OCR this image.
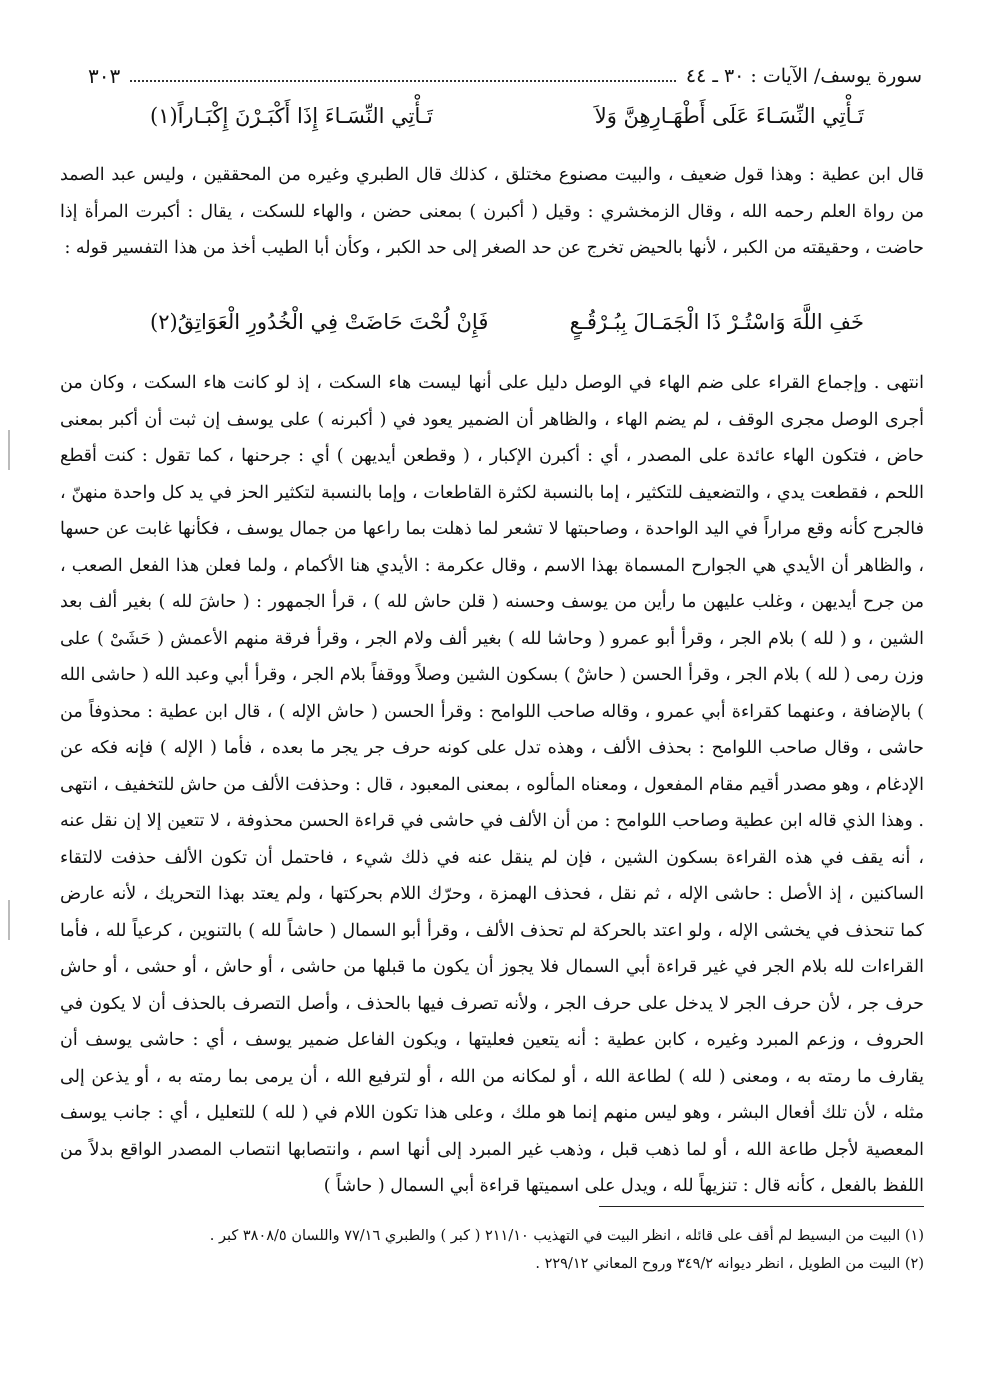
سورة يوسف/ الآيات : ٣٠ ـ ٤٤
٣٠٣
تَـأْتِي النِّسَـاءَ عَلَى أَطْهَـارِهِنَّ وَلاَ
تَـأْتِي النِّسَـاءَ إِذَا أَكْبَـرْنَ إِكْبَـاراً(١)

قال ابن عطية : وهذا قول ضعيف ، والبيت مصنوع مختلق ، كذلك قال الطبري وغيره من المحققين ، وليس عبد الصمد من رواة العلم رحمه الله ، وقال الزمخشري : وقيل ( أكبرن ) بمعنى حضن ، والهاء للسكت ، يقال : أكبرت المرأة إذا حاضت ، وحقيقته من الكبر ، لأنها بالحيض تخرج عن حد الصغر إلى حد الكبر ، وكأن أبا الطيب أخذ من هذا التفسير قوله :

خَفِ اللَّهَ وَاسْتُـرْ ذَا الْجَمَـالَ بِبُـرْقُـعٍ
فَإِنْ لُحْتَ حَاضَتْ فِي الْخُدُورِ الْعَوَاتِقُ(٢)

انتهى . وإجماع القراء على ضم الهاء في الوصل دليل على أنها ليست هاء السكت ، إذ لو كانت هاء السكت ، وكان من أجرى الوصل مجرى الوقف ، لم يضم الهاء ، والظاهر أن الضمير يعود في ( أكبرنه ) على يوسف إن ثبت أن أكبر بمعنى حاض ، فتكون الهاء عائدة على المصدر ، أي : أكبرن الإكبار ، ( وقطعن أيديهن ) أي : جرحنها ، كما تقول : كنت أقطع اللحم ، فقطعت يدي ، والتضعيف للتكثير ، إما بالنسبة لكثرة القاطعات ، وإما بالنسبة لتكثير الحز في يد كل واحدة منهنّ ، فالجرح كأنه وقع مراراً في اليد الواحدة ، وصاحبتها لا تشعر لما ذهلت بما راعها من جمال يوسف ، فكأنها غابت عن حسها ، والظاهر أن الأيدي هي الجوارح المسماة بهذا الاسم ، وقال عكرمة : الأيدي هنا الأكمام ، ولما فعلن هذا الفعل الصعب ، من جرح أيديهن ، وغلب عليهن ما رأين من يوسف وحسنه ( قلن حاش لله ) ، قرأ الجمهور : ( حاشَ لله ) بغير ألف بعد الشين ، و ( لله ) بلام الجر ، وقرأ أبو عمرو ( وحاشا لله ) بغير ألف ولام الجر ، وقرأ فرقة منهم الأعمش ( حَشَىْ ) على وزن رمى ( لله ) بلام الجر ، وقرأ الحسن ( حاشْ ) بسكون الشين وصلاً ووقفاً بلام الجر ، وقرأ أبي وعبد الله ( حاشى الله ) بالإضافة ، وعنهما كقراءة أبي عمرو ، وقاله صاحب اللوامح : وقرأ الحسن ( حاش الإله ) ، قال ابن عطية : محذوفاً من حاشى ، وقال صاحب اللوامح : بحذف الألف ، وهذه تدل على كونه حرف جر يجر ما بعده ، فأما ( الإله ) فإنه فكه عن الإدغام ، وهو مصدر أقيم مقام المفعول ، ومعناه المألوه ، بمعنى المعبود ، قال : وحذفت الألف من حاش للتخفيف ، انتهى . وهذا الذي قاله ابن عطية وصاحب اللوامح : من أن الألف في حاشى في قراءة الحسن محذوفة ، لا تتعين إلا إن نقل عنه ، أنه يقف في هذه القراءة بسكون الشين ، فإن لم ينقل عنه في ذلك شيء ، فاحتمل أن تكون الألف حذفت لالتقاء الساكنين ، إذ الأصل : حاشى الإله ، ثم نقل ، فحذف الهمزة ، وحرّك اللام بحركتها ، ولم يعتد بهذا التحريك ، لأنه عارض كما تنحذف في يخشى الإله ، ولو اعتد بالحركة لم تحذف الألف ، وقرأ أبو السمال ( حاشاً لله ) بالتنوين ، كرعياً لله ، فأما القراءات لله بلام الجر في غير قراءة أبي السمال فلا يجوز أن يكون ما قبلها من حاشى ، أو حاش ، أو حشى ، أو حاش حرف جر ، لأن حرف الجر لا يدخل على حرف الجر ، ولأنه تصرف فيها بالحذف ، وأصل التصرف بالحذف أن لا يكون في الحروف ، وزعم المبرد وغيره ، كابن عطية : أنه يتعين فعليتها ، ويكون الفاعل ضمير يوسف ، أي : حاشى يوسف أن يقارف ما رمته به ، ومعنى ( لله ) لطاعة الله ، أو لمكانه من الله ، أو لترفيع الله ، أن يرمى بما رمته به ، أو يذعن إلى مثله ، لأن تلك أفعال البشر ، وهو ليس منهم إنما هو ملك ، وعلى هذا تكون اللام في ( لله ) للتعليل ، أي : جانب يوسف المعصية لأجل طاعة الله ، أو لما ذهب قبل ، وذهب غير المبرد إلى أنها اسم ، وانتصابها انتصاب المصدر الواقع بدلاً من اللفظ بالفعل ، كأنه قال : تنزيهاً لله ، ويدل على اسميتها قراءة أبي السمال ( حاشاً )

(١) البيت من البسيط لم أقف على قائله ، انظر البيت في التهذيب ٢١١/١٠ ( كبر ) والطبري ٧٧/١٦ واللسان ٣٨٠٨/٥ كبر .
(٢) البيت من الطويل ، انظر ديوانه ٣٤٩/٢ وروح المعاني ٢٢٩/١٢ .
